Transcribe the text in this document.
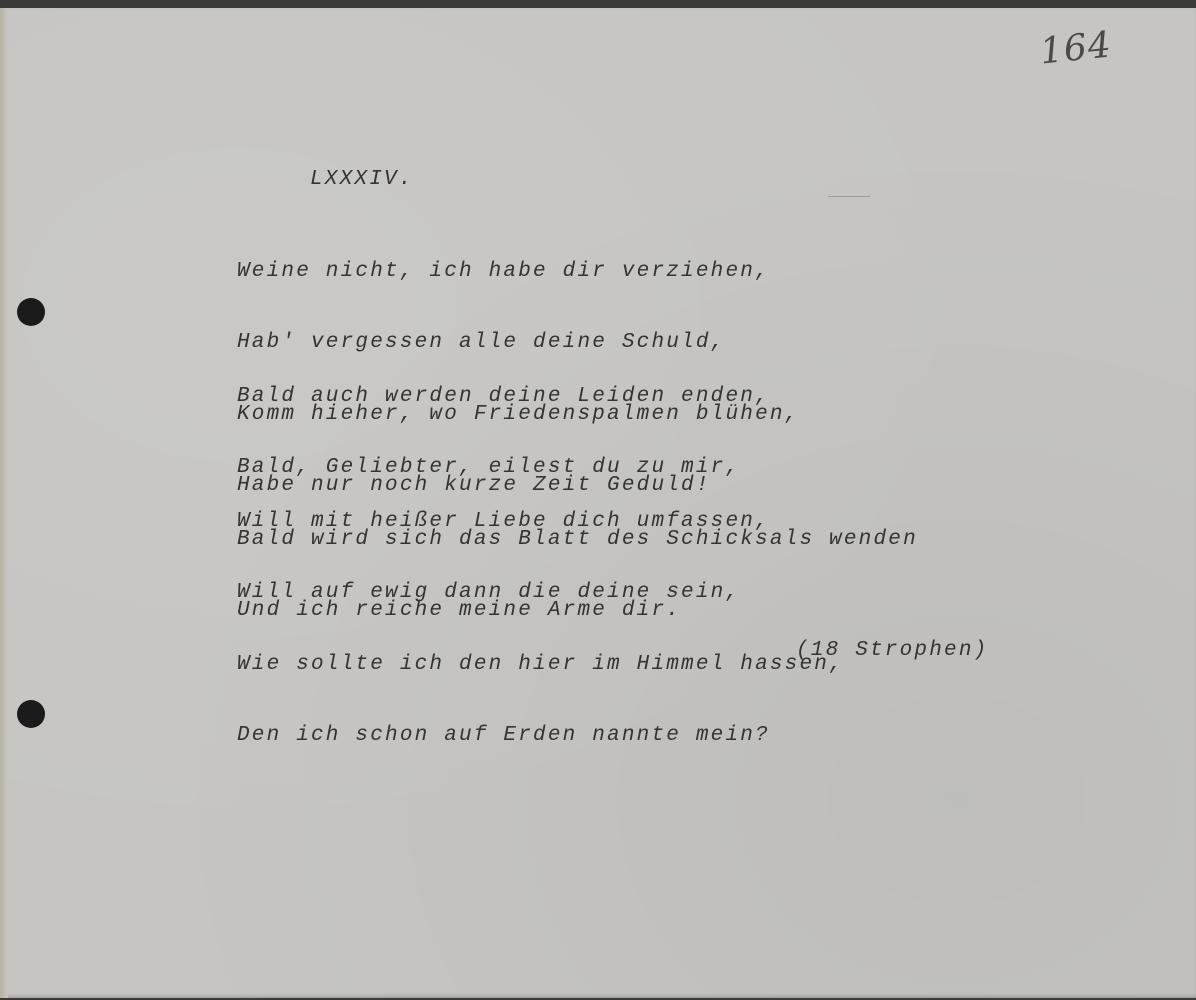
164
LXXXIV.

Weine nicht, ich habe dir verziehen,

Hab' vergessen alle deine Schuld,

Komm hieher, wo Friedenspalmen blühen,

Habe nur noch kurze Zeit Geduld!

Bald auch werden deine Leiden enden,

Bald, Geliebter, eilest du zu mir,

Bald wird sich das Blatt des Schicksals wenden

Und ich reiche meine Arme dir.

Will mit heißer Liebe dich umfassen,

Will auf ewig dann die deine sein,

Wie sollte ich den hier im Himmel hassen,

Den ich schon auf Erden nannte mein?

(18 Strophen)
